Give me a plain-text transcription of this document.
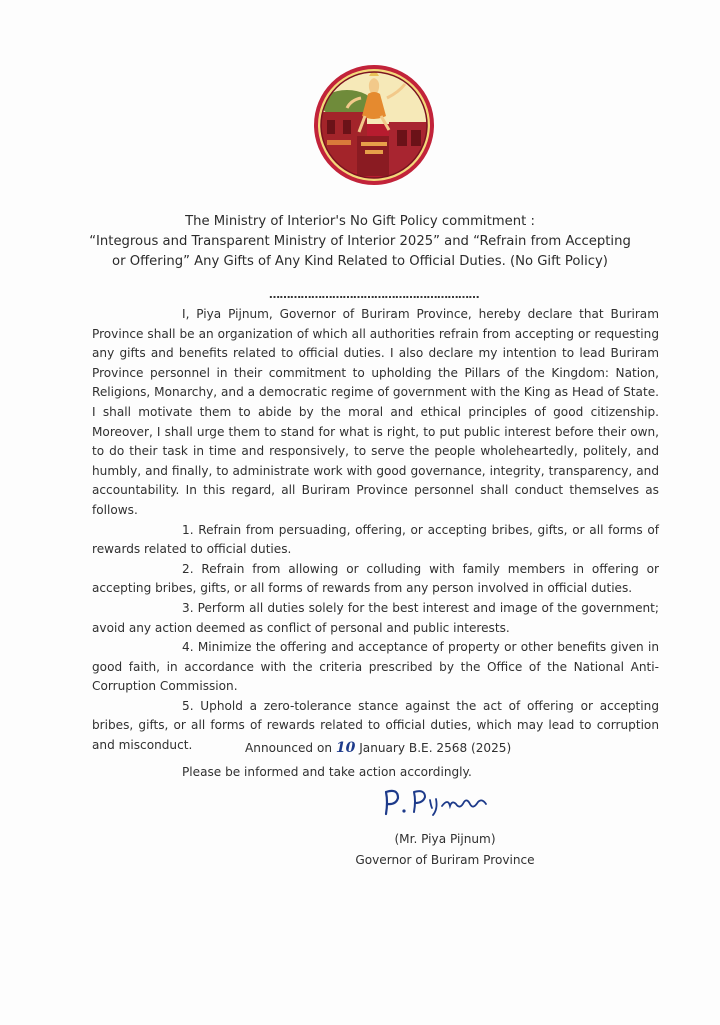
The Ministry of Interior's No Gift Policy commitment :
“Integrous and Transparent Ministry of Interior 2025” and “Refrain from Accepting
or Offering” Any Gifts of Any Kind Related to Official Duties. (No Gift Policy)
……………………………………………………

I, Piya Pijnum, Governor of Buriram Province, hereby declare that Buriram Province shall be an organization of which all authorities refrain from accepting or requesting any gifts and benefits related to official duties. I also declare my intention to lead Buriram Province personnel in their commitment to upholding the Pillars of the Kingdom: Nation, Religions, Monarchy, and a democratic regime of government with the King as Head of State. I shall motivate them to abide by the moral and ethical principles of good citizenship. Moreover, I shall urge them to stand for what is right, to put public interest before their own, to do their task in time and responsively, to serve the people wholeheartedly, politely, and humbly, and finally, to administrate work with good governance, integrity, transparency, and accountability. In this regard, all Buriram Province personnel shall conduct themselves as follows.

1. Refrain from persuading, offering, or accepting bribes, gifts, or all forms of rewards related to official duties.

2. Refrain from allowing or colluding with family members in offering or accepting bribes, gifts, or all forms of rewards from any person involved in official duties.

3. Perform all duties solely for the best interest and image of the government; avoid any action deemed as conflict of personal and public interests.

4. Minimize the offering and acceptance of property or other benefits given in good faith, in accordance with the criteria prescribed by the Office of the National Anti-Corruption Commission.

5. Uphold a zero-tolerance stance against the act of offering or accepting bribes, gifts, or all forms of rewards related to official duties, which may lead to corruption and misconduct.

Please be informed and take action accordingly.

Announced on 10 January B.E. 2568 (2025)
(Mr. Piya Pijnum)
Governor of Buriram Province
